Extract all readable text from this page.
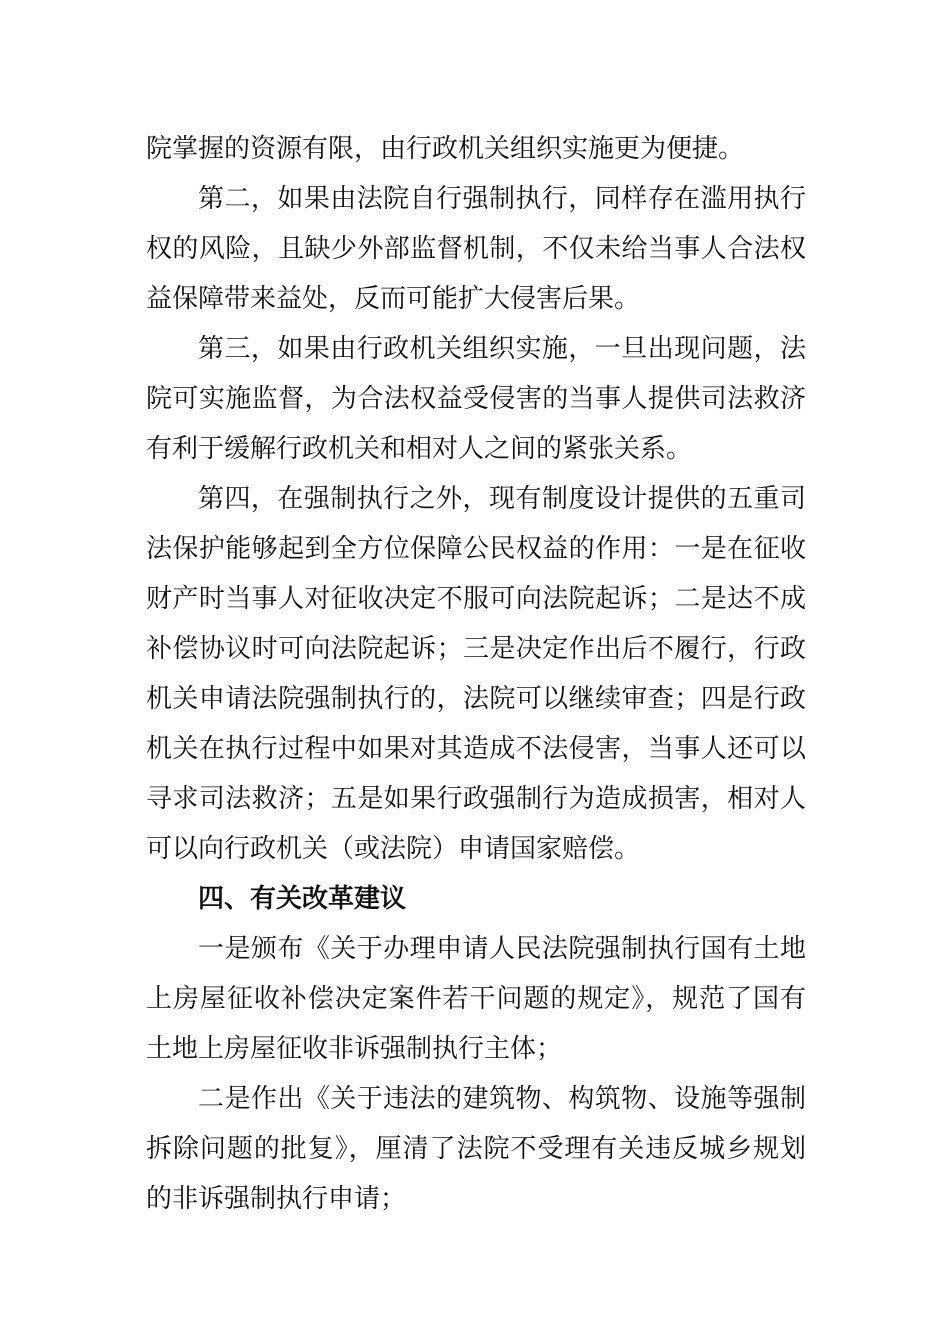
院掌握的资源有限，由行政机关组织实施更为便捷。

第二，如果由法院自行强制执行，同样存在滥用执行权的风险，且缺少外部监督机制，不仅未给当事人合法权益保障带来益处，反而可能扩大侵害后果。

第三，如果由行政机关组织实施，一旦出现问题，法院可实施监督，为合法权益受侵害的当事人提供司法救济有利于缓解行政机关和相对人之间的紧张关系。

第四，在强制执行之外，现有制度设计提供的五重司法保护能够起到全方位保障公民权益的作用：一是在征收财产时当事人对征收决定不服可向法院起诉；二是达不成补偿协议时可向法院起诉；三是决定作出后不履行，行政机关申请法院强制执行的，法院可以继续审查；四是行政机关在执行过程中如果对其造成不法侵害，当事人还可以寻求司法救济；五是如果行政强制行为造成损害，相对人可以向行政机关（或法院）申请国家赔偿。

四、有关改革建议

一是颁布《关于办理申请人民法院强制执行国有土地上房屋征收补偿决定案件若干问题的规定》，规范了国有土地上房屋征收非诉强制执行主体；

二是作出《关于违法的建筑物、构筑物、设施等强制拆除问题的批复》，厘清了法院不受理有关违反城乡规划的非诉强制执行申请；
